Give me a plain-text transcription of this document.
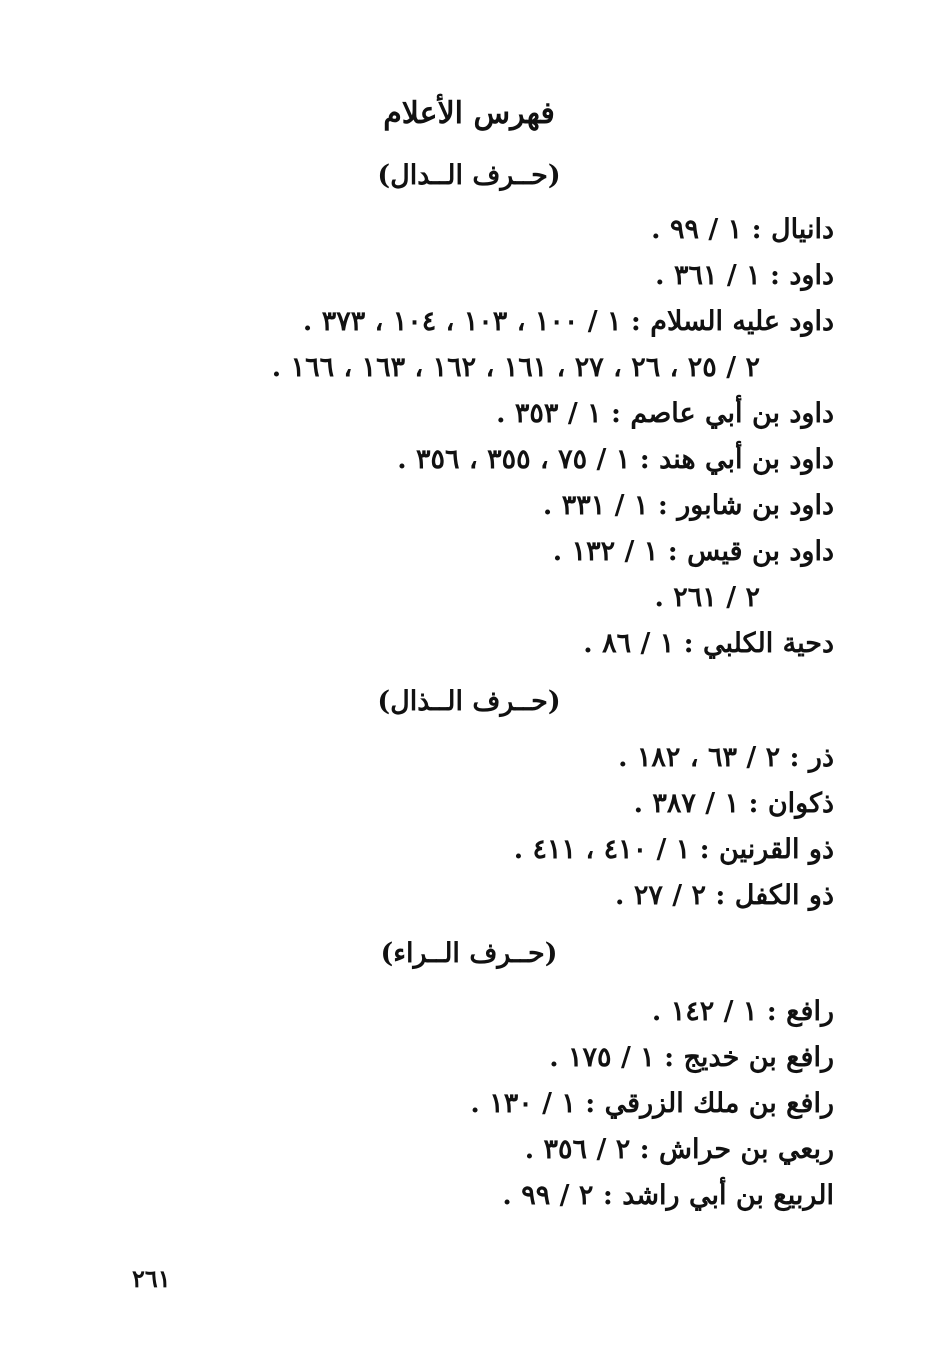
فهرس الأعلام
(حــرف الــدال)
دانيال : ١ / ٩٩ .
داود : ١ / ٣٦١ .
داود عليه السلام : ١ / ١٠٠ ، ١٠٣ ، ١٠٤ ، ٣٧٣ .
٢ / ٢٥ ، ٢٦ ، ٢٧ ، ١٦١ ، ١٦٢ ، ١٦٣ ، ١٦٦ .
داود بن أبي عاصم : ١ / ٣٥٣ .
داود بن أبي هند : ١ / ٧٥ ، ٣٥٥ ، ٣٥٦ .
داود بن شابور : ١ / ٣٣١ .
داود بن قيس : ١ / ١٣٢ .
٢ / ٢٦١ .
دحية الكلبي : ١ / ٨٦ .
(حــرف الــذال)
ذر : ٢ / ٦٣ ، ١٨٢ .
ذكوان : ١ / ٣٨٧ .
ذو القرنين : ١ / ٤١٠ ، ٤١١ .
ذو الكفل : ٢ / ٢٧ .
(حــرف الــراء)
رافع : ١ / ١٤٢ .
رافع بن خديج : ١ / ١٧٥ .
رافع بن ملك الزرقي : ١ / ١٣٠ .
ربعي بن حراش : ٢ / ٣٥٦ .
الربيع بن أبي راشد : ٢ / ٩٩ .
٢٦١
